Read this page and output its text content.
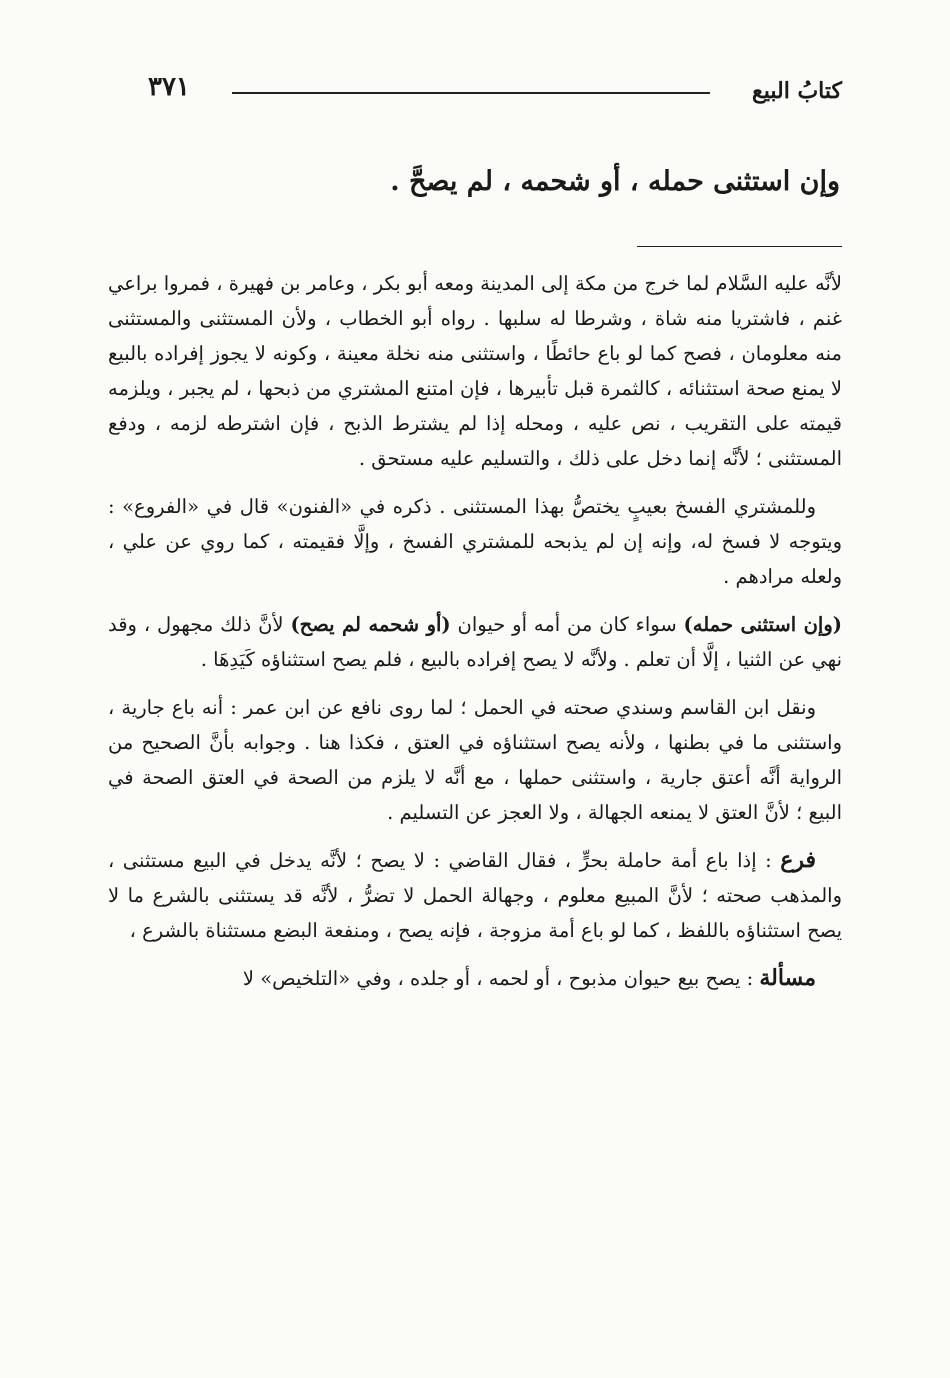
كتابُ البيع
٣٧١
وإن استثنى حمله ، أو شحمه ، لم يصحَّ .

لأنَّه عليه السَّلام لما خرج من مكة إلى المدينة ومعه أبو بكر ، وعامر بن فهيرة ، فمروا براعي غنم ، فاشتريا منه شاة ، وشرطا له سلبها . رواه أبو الخطاب ، ولأن المستثنى والمستثنى منه معلومان ، فصح كما لو باع حائطًا ، واستثنى منه نخلة معينة ، وكونه لا يجوز إفراده بالبيع لا يمنع صحة استثنائه ، كالثمرة قبل تأبيرها ، فإن امتنع المشتري من ذبحها ، لم يجبر ، ويلزمه قيمته على التقريب ، نص عليه ، ومحله إذا لم يشترط الذبح ، فإن اشترطه لزمه ، ودفع المستثنى ؛ لأنَّه إنما دخل على ذلك ، والتسليم عليه مستحق .

وللمشتري الفسخ بعيبٍ يختصُّ بهذا المستثنى . ذكره في «الفنون» قال في «الفروع» : ويتوجه لا فسخ له، وإنه إن لم يذبحه للمشتري الفسخ ، وإلَّا فقيمته ، كما روي عن علي ، ولعله مرادهم .

(وإن استثنى حمله) سواء كان من أمه أو حيوان (أو شحمه لم يصح) لأنَّ ذلك مجهول ، وقد نهي عن الثنيا ، إلَّا أن تعلم . ولأنَّه لا يصح إفراده بالبيع ، فلم يصح استثناؤه كَيَدِهَا .

ونقل ابن القاسم وسندي صحته في الحمل ؛ لما روى نافع عن ابن عمر : أنه باع جارية ، واستثنى ما في بطنها ، ولأنه يصح استثناؤه في العتق ، فكذا هنا . وجوابه بأنَّ الصحيح من الرواية أنَّه أعتق جارية ، واستثنى حملها ، مع أنَّه لا يلزم من الصحة في العتق الصحة في البيع ؛ لأنَّ العتق لا يمنعه الجهالة ، ولا العجز عن التسليم .

فرع : إذا باع أمة حاملة بحرٍّ ، فقال القاضي : لا يصح ؛ لأنَّه يدخل في البيع مستثنى ، والمذهب صحته ؛ لأنَّ المبيع معلوم ، وجهالة الحمل لا تضرُّ ، لأنَّه قد يستثنى بالشرع ما لا يصح استثناؤه باللفظ ، كما لو باع أمة مزوجة ، فإنه يصح ، ومنفعة البضع مستثناة بالشرع ،

مسألة : يصح بيع حيوان مذبوح ، أو لحمه ، أو جلده ، وفي «التلخيص» لا
